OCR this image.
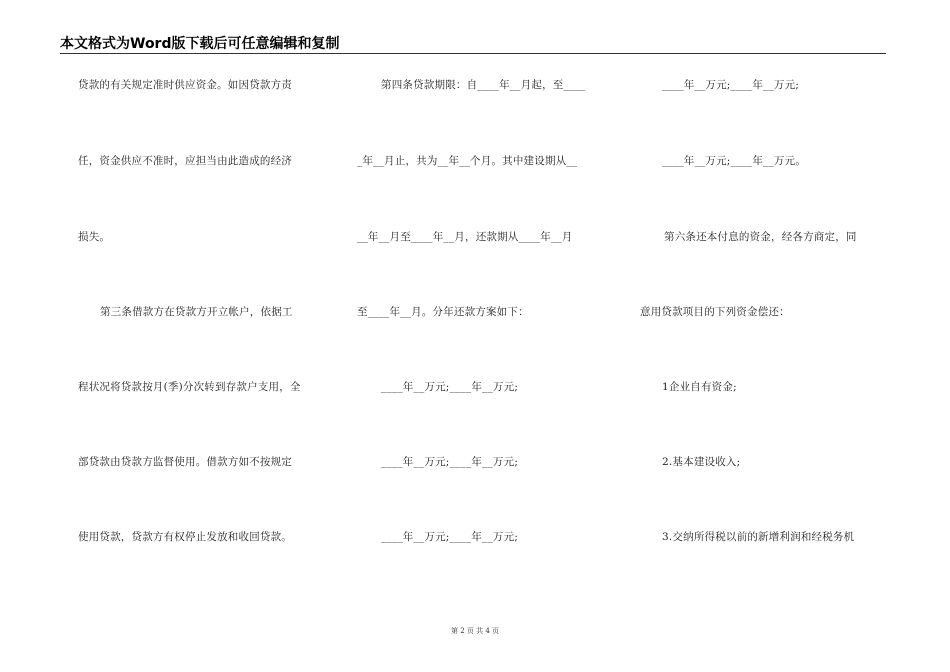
本文格式为Word版下载后可任意编辑和复制
贷款的有关规定准时供应资金。如因贷款方责
任，资金供应不准时，应担当由此造成的经济
损失。
第三条借款方在贷款方开立帐户，依据工
程状况将贷款按月(季)分次转到存款户支用，全
部贷款由贷款方监督使用。借款方如不按规定
使用贷款，贷款方有权停止发放和收回贷款。
第四条贷款期限：自____年__月起，至____
_年__月止，共为__年__个月。其中建设期从__
__年__月至____年__月，还款期从____年__月
至____年__月。分年还款方案如下：
____年__万元;____年__万元;
____年__万元;____年__万元;
____年__万元;____年__万元;
____年__万元;____年__万元;
____年__万元;____年__万元。
第六条还本付息的资金，经各方商定，同
意用贷款项目的下列资金偿还：
1企业自有资金;
2.基本建设收入;
3.交纳所得税以前的新增利润和经税务机
第 2 页 共 4 页
